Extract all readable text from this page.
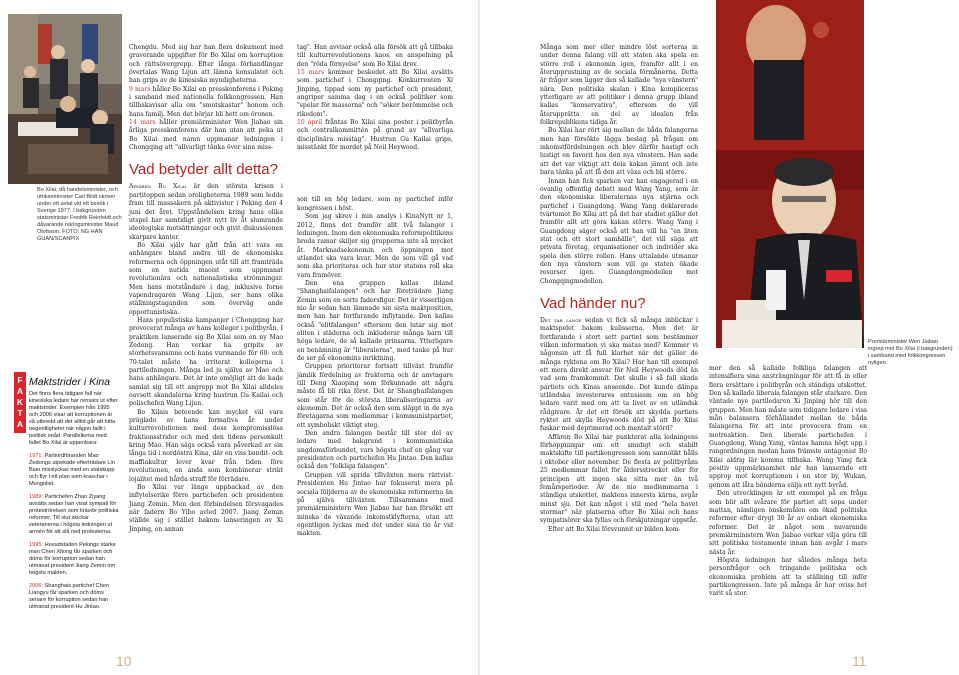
Bo Xilai, då handelsminister, och utrikesminister Carl Bildt skriver under ett avtal vid ett besök i Sverige 1977. I bakgrunden statsminister Fredrik Reinfeldt och dåvarande näringsminister Maud Olofsson. FOTO: NG HAN GUAN/SCANPIX
F
A
K
T
A
Maktstrider i Kina

Det finns flera tidigare fall när kinesiska ledare har rensats ut efter maktstrider. Exemplen från 1995 och 2006 visar att korruptionen är så utbredd att det alltid går att hitta oegentligheter när någon fallit i politisk onåd. Parallellerna med fallet Bo Xilai är uppenbara:

1971: Partiordföranden Mao Zedongs utpekade efterträdare Lin Biao misslyckas med en statskupp och flyr i ett plan som kraschar i Mongoliet.

1989: Partichefen Zhao Ziyang avsätts sedan han visat sympati för proteströrelsen som krävde politiska reformer. Till slut skickar veteranerna i högsta ledningen ut armén för att slå ned protesterna.

1995: Huvudstaden Pekings starke man Chen Xitong får sparken och döms för korruption sedan han utmanat president Jiang Zemin om högsta makten.

2006: Shanghais partichef Chen Liangyu får sparken och döms senare för korruption sedan han utmanat president Hu Jintao.

Chengdu. Med sig har han flera dokument med graverande uppgifter för Bo Xilai om korruption och rättsövergrepp. Efter långa förhandlingar övertalas Wang Lijun att lämna konsulatet och han grips av de kinesiska myndigheterna.

9 mars håller Bo Xilai en presskonferens i Peking i samband med nationella folkkongressen. Han tillbakavisar alla om "smutskastar" honom och hans familj. Men det börjar bli hett om öronen.

14 mars håller premiärminister Wen Jiabao sin årliga presskonferens där han utan att peka ut Bo Xilai med namn uppmanar ledningen i Chongqing att "allvarligt tänka över sina miss-

Vad betyder allt detta?

Affären Bo Xilai är den största krisen i partitoppen sedan oroligheterna 1989 som ledde fram till massakern på aktivister i Peking den 4 juni det året. Uppståndelsen kring hans olika utspel har samtidigt givit nytt liv åt slumrande ideologiska motsättningar och givit diskussionen skarpare kanter.

Bo Xilai själv har gått från att vara en anhängare bland andra till de ekonomiska reformerna och öppningen utåt till att framträda som en nutida maoist som uppmanat revolutionära och nationalistiska strömningar. Men hans motståndare i dag, inklusive forne vapendragaren Wang Lijun, ser hans olika ställningstaganden som överväg ande opportunistiska.

Hans populistiska kampanjer i Chongqing har provocerat många av hans kolleger i politbyrån. I praktiken lanserade sig Bo Xilai som en ny Mao Zedong. Han verkar ha gripits av storhetsvansinne och hans vurmande för 60- och 70-talet måste ha irriterat kollegerna i partiledningen. Många led ju själva av Mao och hans anhängare. Det är inte omöjligt att de hade samlat sig till ett angrepp mot Bo Xilai alldeles oavsett skandalerna kring hustrun Gu Kailai och polischefen Wang Lijun.

Bo Xilais beteende kan mycket väl vara präglade av hans formativa år under kulturrevolutionen med dess kompromisslösa fraktionsstrider och med den tidens personkult kring Mao. Han sägs också vara påverkad av sin långa tid i nordöstra Kina, där en viss bandit- och maffiakultur lever kvar från tiden före revolutionen, en anda som kombinerar strikt lojalitet med hårda straff för förrädare.

Bo Xilai var länge uppbackad av den inflytelserike förre partichefen och presidenten Jiang Zemin. Men den förbindelsen försvagades när fadern Bo Yibo avled 2007. Jiang Zemin ställde sig i stället bakom lanseringen av Xi Jinping, en annan

tag". Han avvisar också alla försök att gå tillbaka till kulturrevolutionens kaos, en anspelning på den "röda förnyelse" som Bo Xilai drev.

15 mars kommer beskedet att Bo Xilai avsätts som partichef i Chongqing. Konkurrenten Xi Jinping, tippad som ny partichef och president, angriper samma dag i en också politiker som "spelar för massorna" och "söker berömmelse och rikedom".

10 april fråntas Bo Xilai sina poster i politbyrån och centralkommittén på grund av "allvarliga disciplinära misstag". Hustrun Gu Kailai grips, misstänkt för mordet på Neil Heywood.

son till en hög ledare, som ny partichef inför kongressen i höst.

Som jag skrev i min analys i KinaNytt nr 1, 2012, finns det framför allt två falanger i ledningen. Inom den ekonomiska reformpolitikens breda ramar skiljer sig grupperna inte så mycket åt. Marknadsekonomin och öppningen mot utlandet ska vara kvar. Men de som vill gå vad som ska prioriteras och hur stor statens roll ska vara framöver.

Den ena gruppen kallas ibland "Shanghaifalangen" och har företrädare Jiang Zemin som en sorts fadersfigur. Det är visserligen nio år sedan han lämnade sin sista maktposition, men han har fortfarande inflytande. Den kallas också "elitfalangen" eftersom den lutar sig mot eliten i städerna och inkluderar många barn till höga ledare, de så kallade prinsarna. Ytterligare en benämning är "liberalerna", med tanke på hur de ser på ekonomins inriktning.

Gruppen prioriterar fortsatt tillväxt framför jämlik fördelning av frukterna och är anvtagare till Deng Xiaoping som förkunnade att några måste få bli rika först. Det är Shanghaifalangen som står för de största liberaliseringarna av ekonomin. Det är också den som släppt in de nya företagarna som medlemmar i kommunistpartiet, ett symboliskt viktigt steg.

Den andra falangen består till stor del av ledare med bakgrund i kommunistiska ungdomsförbundet, vars högsta chef en gång var presidenten och partichefen Hu Jintao. Den kallas också den "folkliga falangen".

Gruppen vill sprida tillväxten mera rättvist. Presidenten Hu Jintao har fokuserat mera på sociala följderna av de ekonomiska reformerna än på själva tillväxten. Tillsammans med premiärministern Wen Jiabao har han försökt att minska de växande inkomstklyftorna, utan att egentligen lyckas med det under sina tio år vid makten.

10

Många som mer eller mindre löst sorteras in under denna falang vill att staten ska spela en större roll i ekonomin igen, framför allt i en återupprustning av de sociala förmånerna. Detta är frågor som ligger den så kallade "nya vänstern" nära. Den politiska skalan i Kina kompliceras ytterligare av att politiker i denna grupp ibland kallas "konservativa", eftersom de vill återupprätta en del av idealen från folkrepublikens tidiga år.

Bo Xilai har rört sig mellan de båda falangerna men han försökte lägga beslag på frågan om inkomstfördelningen och blev därför hastigt och lustigt en favorit hos den nya vänstern. Han sade att det var viktigt att dela kakan jämnt och inte bara tänka på att få den att växa och bli större.

Innan han fick sparken var han engagerad i en ovanlig offentlig debatt med Wang Yang, som är den ekonomiska liberalernas nya stjärna och partichef i Guangdong. Wang Yang deklarerade tvärtemot Bo Xilai att på det har stadiet gäller det framför allt att göra kakan större. Wang Yang i Guangdong säger också att han vill ha "en liten stat och ett stort samhälle", det vill säga att privata företag, organisationer och individer ska spela den större rollen. Hans uttalande utmanar den nya vänstern som vill ge staten ökade resurser igen. Guangdongmodellen mot Chongqingmodellen.

Vad händer nu?

Det var länge sedan vi fick så många inblickar i maktspelet bakom kulisserna. Men det är fortfarande i stort sett partiet som bestämmer vilken information vi ska matas med? Kommer vi någonsin att få full klarhet när det gäller de många ryktena om Bo Xilai? Har han till exempel ett mera direkt ansvar för Neil Heywoods död än vad som framkommit. Det skulle i så fall skada partiets och Kinas anseende. Det kunde dämpa utländska investerares entusiasm om en hög ledare varit med om att ta livet av en utländsk rådgivare. Är det ett försök att skydda partiets ryktet att skylla Heywoods död på att Bo Xilai fuskar med deprimerad och mentalt störd?

Affären Bo Xilai har punkterat alla ledningens förhoppningar om ett smidigt och stabilt maktskifte till partikongressen som sannolikt hålls i oktober eller november. De flesta av politbyråns 25 medlemmar fallet för åldersstrecket eller för principen att ingen ska sitta mer än två femårsperioder. Av de nio medlemmarna i ständiga utskottet, maktens innersta kärna, avgår minst sju. Det kan något i stil med "hela havet stormar" när platserna efter Bo Xilai och hans sympatisörer ska fyllas och förskjutningar uppstår.

Efter att Bo Xilai försvunnit ur bilden kom-

Premiärminister Wen Jiabao ingrep mot Bo Xilai (i bakgrunden) i samband med folkkongressen nyligen.

mer den så kallade folkliga falangen att intensifiera sina ansträngningar för att få in eller flera ersättare i politbyrån och ständiga utskottet. Den så kallade liberala falangen står starkare. Den väntade nye partiledaren Xi Jinping hör till den gruppen. Men han måste som tidigare ledare i viss mån balansera förhållandet mellan de båda falangerna för att inte provocera fram en motreaktion. Den liberale partichefen i Guangdong, Wang Yang, väntas hamna högt upp i rangordningen medan hans främste antagonist Bo Xilai aldrig lär komma tillbaka. Wang Yang fick positiv uppmärksamhet när han lanserade ett upprop mot korruptionen i en stor by, Wukan, genom att låta bönderna välja ett nytt byråd.

Den utvecklingen är ett exempel på en fråga som blir allt svårare för partiet att sopa under mattan, nämligen önskemålen om ökad politiska reformer efter drygt 30 år av enbart ekonomiska reformer. Det är något som nuvarande premiärministern Wen Jiabao verkar vilja göra till sitt politiska testamente innan han avgår i mars nästa år.

Högsta ledningen har således många heta personfrågor och tringande politiska och ekonomiska problem att ta ställning till inför partikongressen. Inte på många år har oviss het varit så stor.

11
